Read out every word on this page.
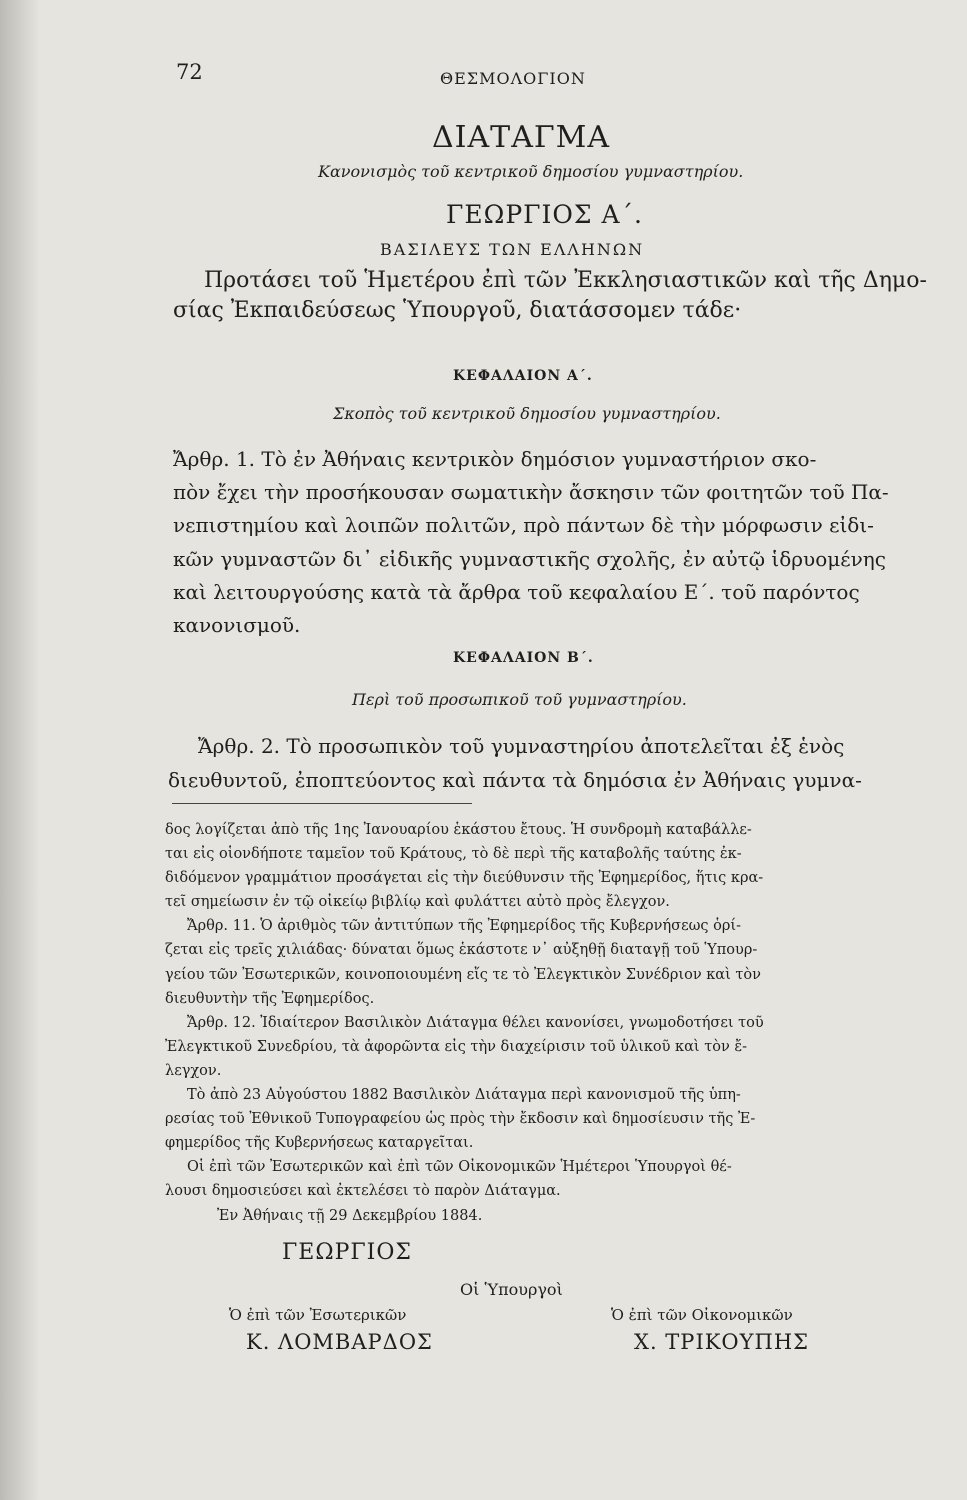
72	ΘΕΣΜΟΛΟΓΙΟΝ

ΔΙΑΤΑΓΜΑ

Κανονισμὸς τοῦ κεντρικοῦ δημοσίου γυμναστηρίου.

ΓΕΩΡΓΙΟΣ Α΄.

ΒΑΣΙΛΕΥΣ ΤΩΝ ΕΛΛΗΝΩΝ

Προτάσει τοῦ Ἡμετέρου ἐπὶ τῶν Ἐκκλησιαστικῶν καὶ τῆς Δημο-

σίας Ἐκπαιδεύσεως Ὑπουργοῦ, διατάσσομεν τάδε·

ΚΕΦΑΛΑΙΟΝ Α΄.

Σκοπὸς τοῦ κεντρικοῦ δημοσίου γυμναστηρίου.

Ἄρθρ. 1. Τὸ ἐν Ἀθήναις κεντρικὸν δημόσιον γυμναστήριον σκο-
πὸν ἔχει τὴν προσήκουσαν σωματικὴν ἄσκησιν τῶν φοιτητῶν τοῦ Πα-
νεπιστημίου καὶ λοιπῶν πολιτῶν, πρὸ πάντων δὲ τὴν μόρφωσιν εἰδι-
κῶν γυμναστῶν δι᾽ εἰδικῆς γυμναστικῆς σχολῆς, ἐν αὐτῷ ἱδρυομένης
καὶ λειτουργούσης κατὰ τὰ ἄρθρα τοῦ κεφαλαίου Ε΄. τοῦ παρόντος
κανονισμοῦ.

ΚΕΦΑΛΑΙΟΝ Β΄.

Περὶ τοῦ προσωπικοῦ τοῦ γυμναστηρίου.

Ἄρθρ. 2. Τὸ προσωπικὸν τοῦ γυμναστηρίου ἀποτελεῖται ἐξ ἑνὸς

διευθυντοῦ, ἐποπτεύοντος καὶ πάντα τὰ δημόσια ἐν Ἀθήναις γυμνα-

δος λογίζεται ἀπὸ τῆς 1ης Ἰανουαρίου ἑκάστου ἔτους. Ἡ συνδρομὴ καταβάλλε-
ται εἰς οἱονδήποτε ταμεῖον τοῦ Κράτους, τὸ δὲ περὶ τῆς καταβολῆς ταύτης ἐκ-
διδόμενον γραμμάτιον προσάγεται εἰς τὴν διεύθυνσιν τῆς Ἐφημερίδος, ἥτις κρα-
τεῖ σημείωσιν ἐν τῷ οἰκείῳ βιβλίῳ καὶ φυλάττει αὐτὸ πρὸς ἔλεγχον.
Ἄρθρ. 11. Ὁ ἀριθμὸς τῶν ἀντιτύπων τῆς Ἐφημερίδος τῆς Κυβερνήσεως ὁρί-
ζεται εἰς τρεῖς χιλιάδας· δύναται ὅμως ἑκάστοτε ν᾽ αὐξηθῇ διαταγῇ τοῦ Ὑπουρ-
γείου τῶν Ἐσωτερικῶν, κοινοποιουμένη εἴς τε τὸ Ἐλεγκτικὸν Συνέδριον καὶ τὸν
διευθυντὴν τῆς Ἐφημερίδος.
Ἄρθρ. 12. Ἰδιαίτερον Βασιλικὸν Διάταγμα θέλει κανονίσει, γνωμοδοτήσει τοῦ
Ἐλεγκτικοῦ Συνεδρίου, τὰ ἀφορῶντα εἰς τὴν διαχείρισιν τοῦ ὑλικοῦ καὶ τὸν ἔ-
λεγχον.
Τὸ ἀπὸ 23 Αὐγούστου 1882 Βασιλικὸν Διάταγμα περὶ κανονισμοῦ τῆς ὑπη-
ρεσίας τοῦ Ἐθνικοῦ Τυπογραφείου ὡς πρὸς τὴν ἔκδοσιν καὶ δημοσίευσιν τῆς Ἐ-
φημερίδος τῆς Κυβερνήσεως καταργεῖται.
Οἱ ἐπὶ τῶν Ἐσωτερικῶν καὶ ἐπὶ τῶν Οἰκονομικῶν Ἡμέτεροι Ὑπουργοὶ θέ-
λουσι δημοσιεύσει καὶ ἐκτελέσει τὸ παρὸν Διάταγμα.
Ἐν Ἀθήναις τῇ 29 Δεκεμβρίου 1884.

ΓΕΩΡΓΙΟΣ

Οἱ Ὑπουργοὶ

Ὁ ἐπὶ τῶν Ἐσωτερικῶν

Κ. ΛΟΜΒΑΡΔΟΣ

Ὁ ἐπὶ τῶν Οἰκονομικῶν

Χ. ΤΡΙΚΟΥΠΗΣ
